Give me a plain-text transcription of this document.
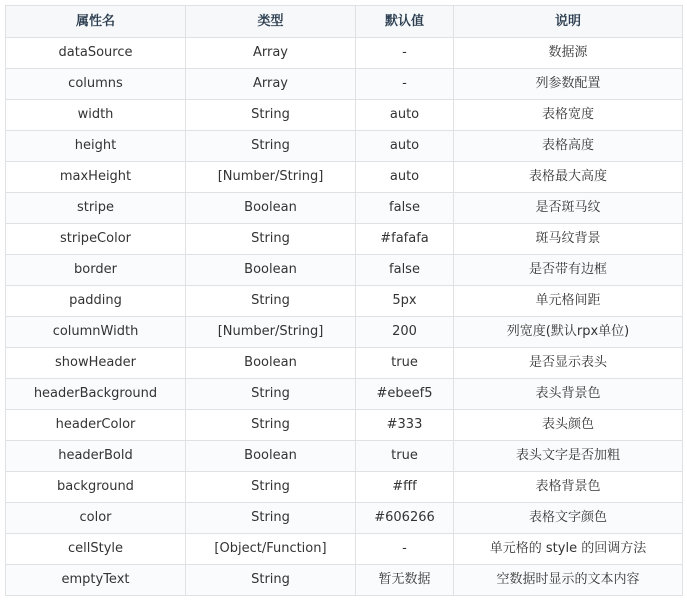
属性名	类型	默认值	说明
dataSource	Array	-	数据源
columns	Array	-	列参数配置
width	String	auto	表格宽度
height	String	auto	表格高度
maxHeight	[Number/String]	auto	表格最大高度
stripe	Boolean	false	是否斑马纹
stripeColor	String	#fafafa	斑马纹背景
border	Boolean	false	是否带有边框
padding	String	5px	单元格间距
columnWidth	[Number/String]	200	列宽度(默认rpx单位)
showHeader	Boolean	true	是否显示表头
headerBackground	String	#ebeef5	表头背景色
headerColor	String	#333	表头颜色
headerBold	Boolean	true	表头文字是否加粗
background	String	#fff	表格背景色
color	String	#606266	表格文字颜色
cellStyle	[Object/Function]	-	单元格的 style 的回调方法
emptyText	String	暂无数据	空数据时显示的文本内容
